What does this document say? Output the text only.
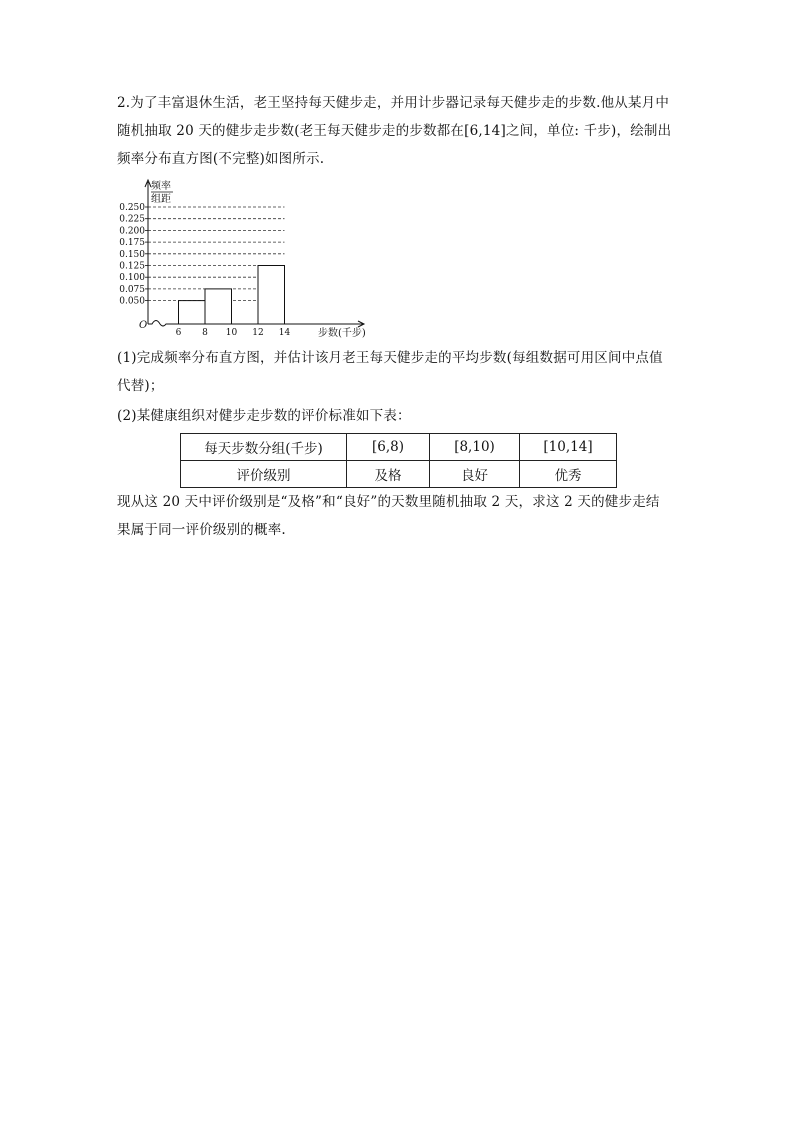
2.为了丰富退休生活，老王坚持每天健步走，并用计步器记录每天健步走的步数.他从某月中
随机抽取 20 天的健步走步数(老王每天健步走的步数都在[6,14]之间，单位: 千步)，绘制出
频率分布直方图(不完整)如图所示.
0.250
0.225
0.200
0.175
0.150
0.125
0.100
0.075
0.050
频率
组距
O
6 8 10 12 14	步数(千步)
(1)完成频率分布直方图，并估计该月老王每天健步走的平均步数(每组数据可用区间中点值
代替)；
(2)某健康组织对健步走步数的评价标准如下表：
每天步数分组(千步)	[6,8)	[8,10)	[10,14]
评价级别	及格	良好	优秀
现从这 20 天中评价级别是“及格”和“良好”的天数里随机抽取 2 天，求这 2 天的健步走结
果属于同一评价级别的概率.
